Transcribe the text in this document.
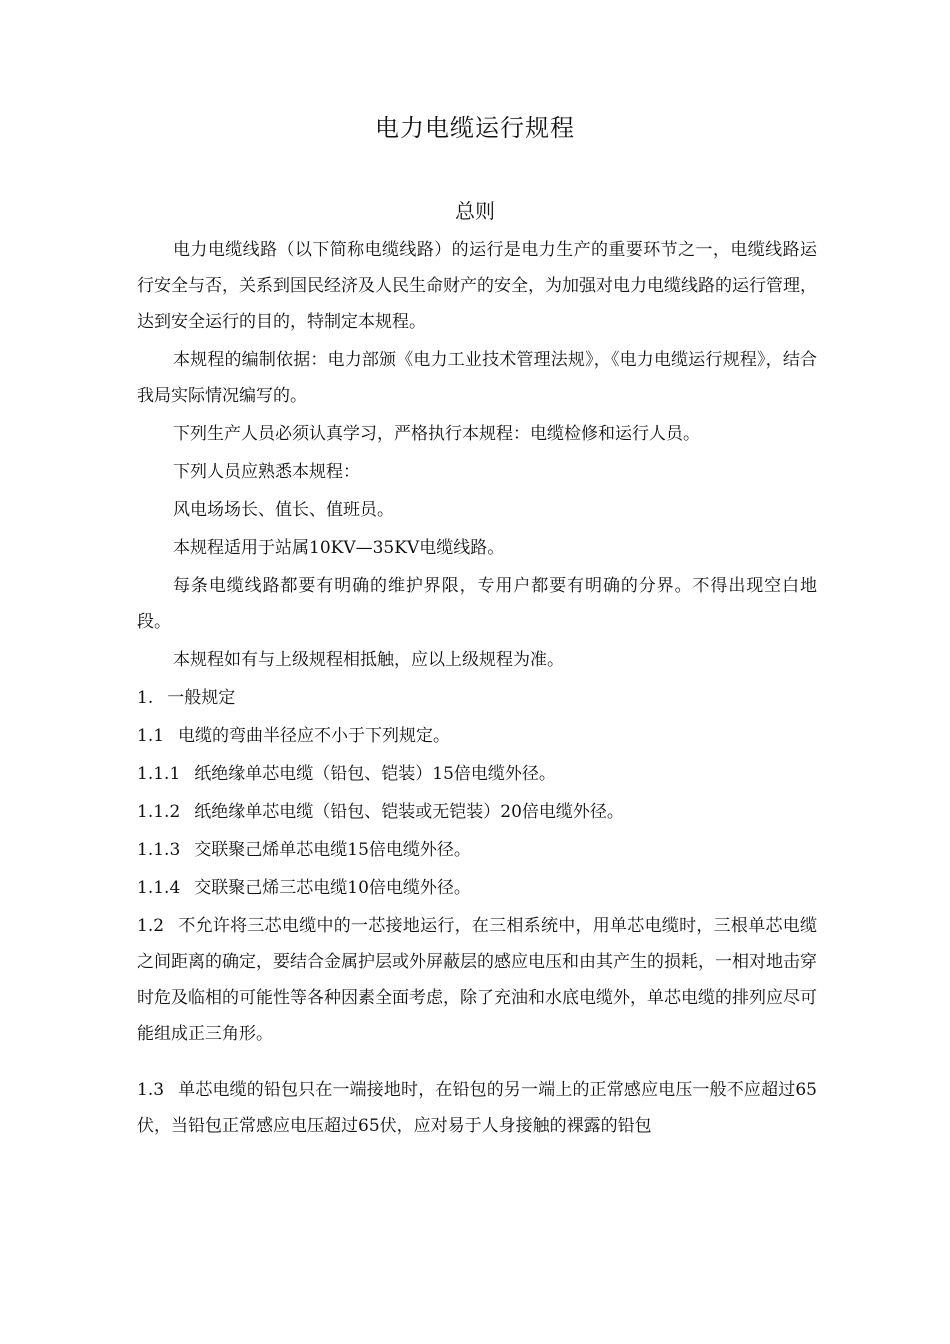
电力电缆运行规程
总则

电力电缆线路（以下简称电缆线路）的运行是电力生产的重要环节之一，电缆线路运行安全与否，关系到国民经济及人民生命财产的安全，为加强对电力电缆线路的运行管理，达到安全运行的目的，特制定本规程。

本规程的编制依据：电力部颁《电力工业技术管理法规》，《电力电缆运行规程》，结合我局实际情况编写的。

下列生产人员必须认真学习，严格执行本规程：电缆检修和运行人员。

下列人员应熟悉本规程：

风电场场长、值长、值班员。

本规程适用于站属10KV—35KV电缆线路。

每条电缆线路都要有明确的维护界限，专用户都要有明确的分界。不得出现空白地段。

本规程如有与上级规程相抵触，应以上级规程为准。

1. 一般规定

1.1 电缆的弯曲半径应不小于下列规定。

1.1.1 纸绝缘单芯电缆（铅包、铠装）15倍电缆外径。

1.1.2 纸绝缘单芯电缆（铅包、铠装或无铠装）20倍电缆外径。

1.1.3 交联聚己烯单芯电缆15倍电缆外径。

1.1.4 交联聚己烯三芯电缆10倍电缆外径。

1.2 不允许将三芯电缆中的一芯接地运行，在三相系统中，用单芯电缆时，三根单芯电缆之间距离的确定，要结合金属护层或外屏蔽层的感应电压和由其产生的损耗，一相对地击穿时危及临相的可能性等各种因素全面考虑，除了充油和水底电缆外，单芯电缆的排列应尽可能组成正三角形。

1.3 单芯电缆的铅包只在一端接地时，在铅包的另一端上的正常感应电压一般不应超过65伏，当铅包正常感应电压超过65伏，应对易于人身接触的裸露的铅包
